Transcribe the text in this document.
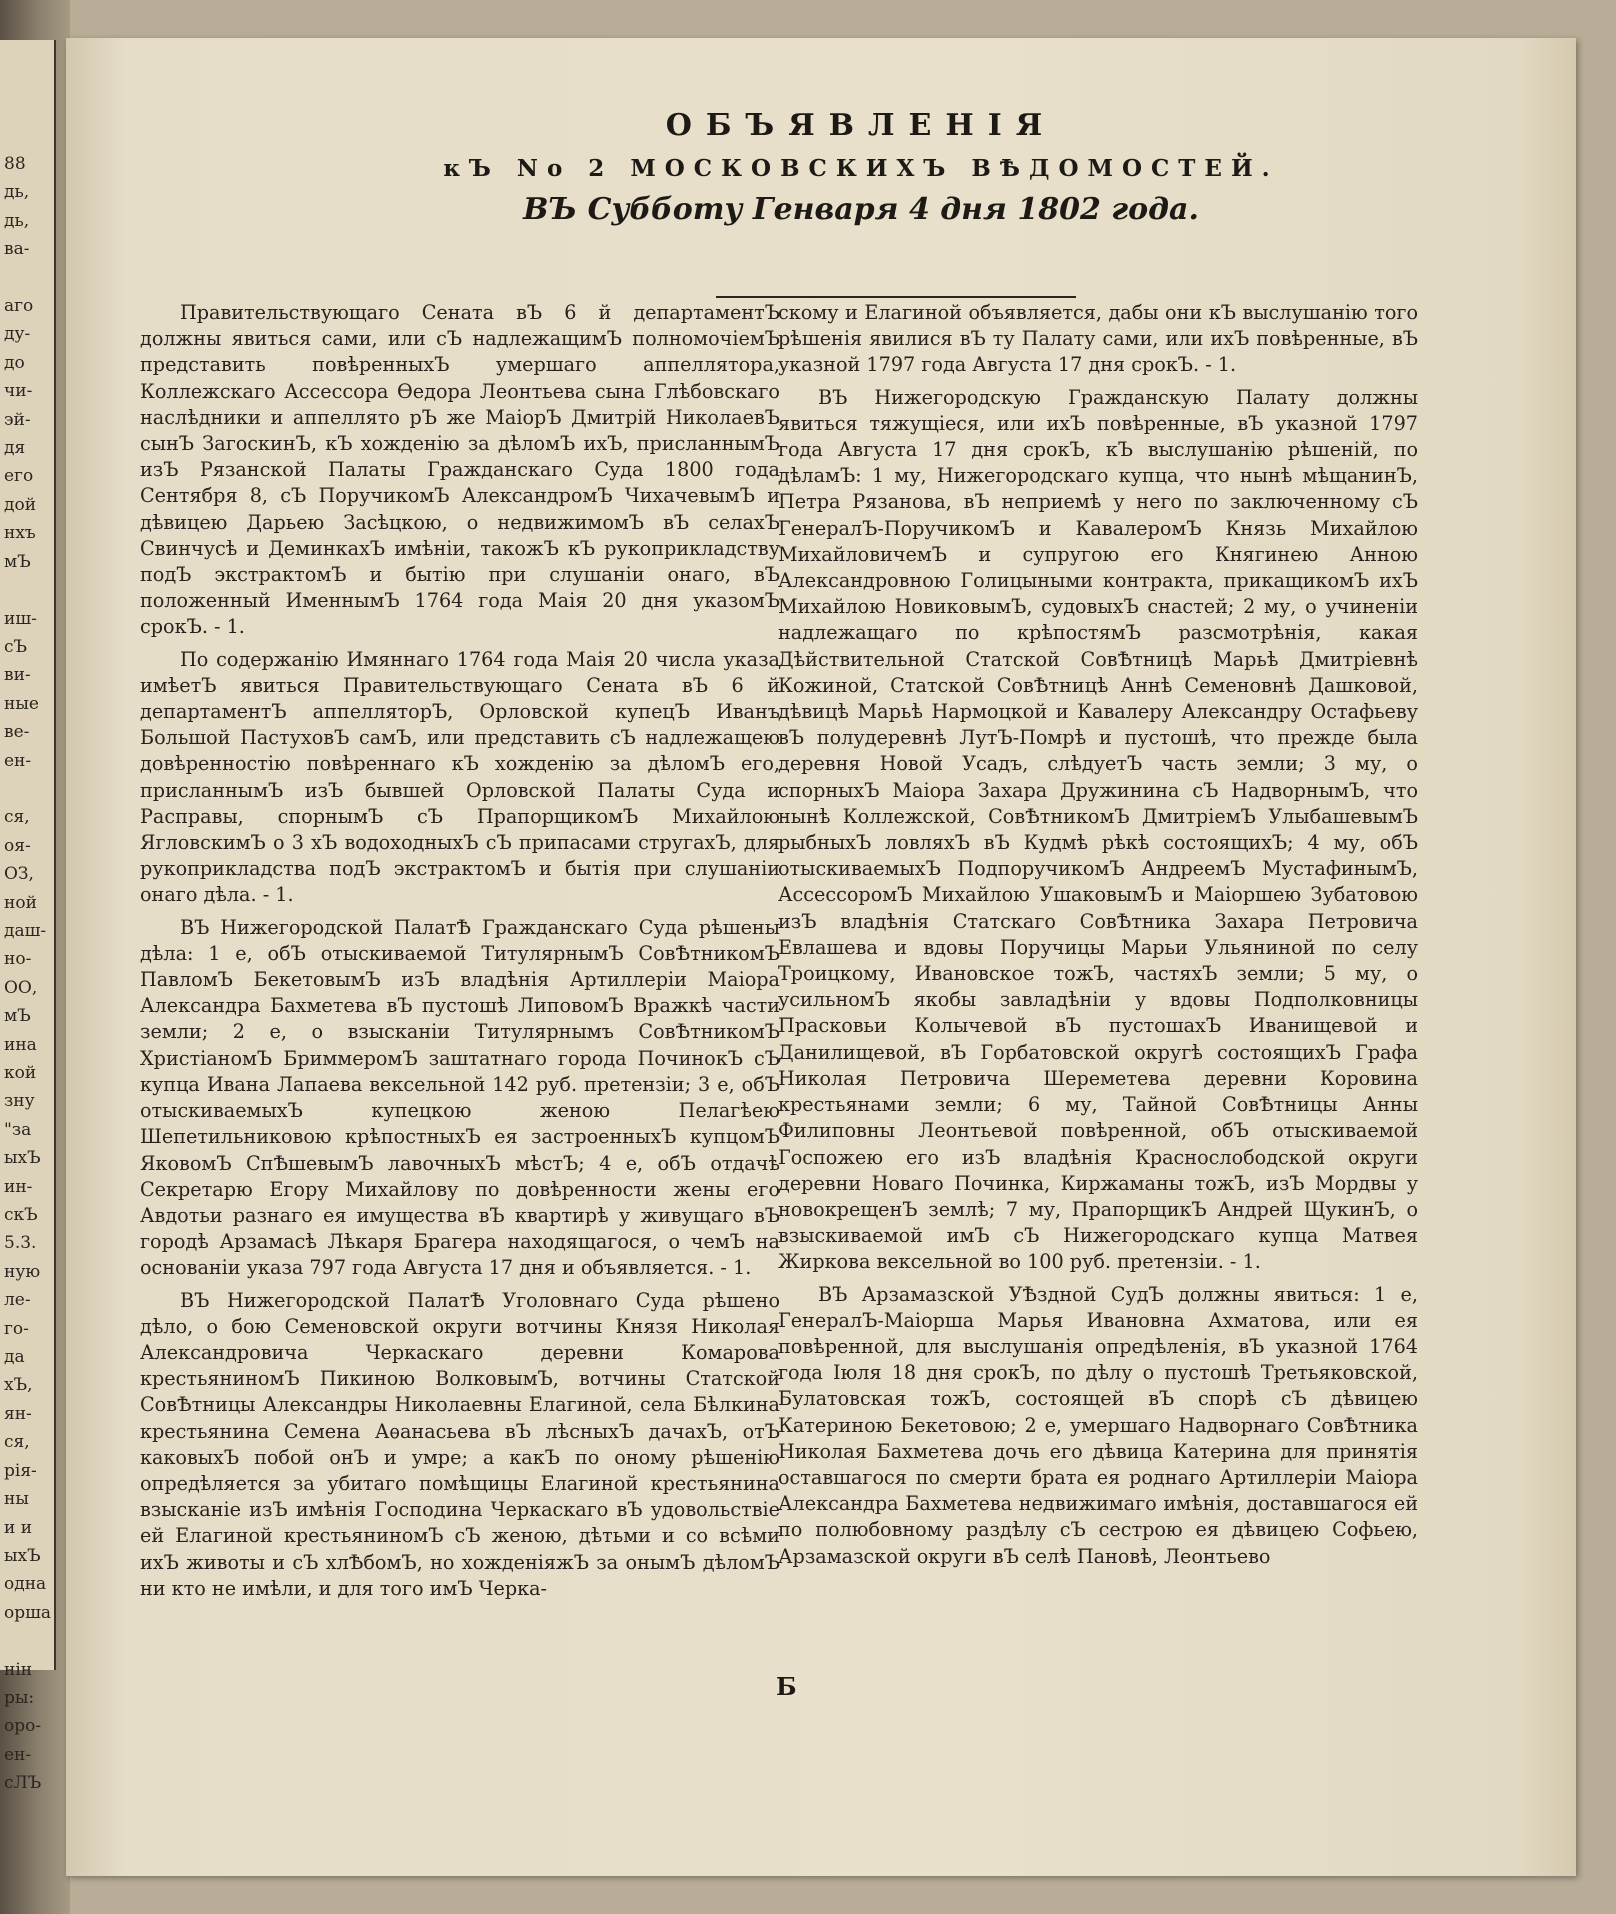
88
дь,
дь,
ва-

аго
ду-
до
чи-
эй-
дя
его
дой
нхъ
мЪ

иш-
сЪ
ви-
ные
ве-
ен-

ся,
оя-
ОЗ,
ной
даш-
но-
ОО,
мЪ
ина
кой
зну
"за
ыхЪ
ин-
скЪ
5.3.
ную
ле-
го-
да
хЪ,
ян-
ся,
рія-
ны
и и
ыхЪ
одна
орша

нін
ры:
оро-
ен-
сЛЪ
ОБЪЯВЛЕНІЯ
кЪ No 2 МОСКОВСКИХЪ ВѢДОМОСТЕЙ.
ВЪ Субботу Генваря 4 дня 1802 года.

Правительствующаго Сената вЪ 6 й департаментЪ должны явиться сами, или сЪ надлежащимЪ полномочіемЪ представить повѣренныхЪ умершаго аппеллятора, Коллежскаго Ассессора Ѳедора Леонтьева сына Глѣбовскаго наслѣдники и аппеллято рЪ же МаіорЪ Дмитрій НиколаевЪ сынЪ ЗагоскинЪ, кЪ хожденію за дѣломЪ ихЪ, присланнымЪ изЪ Рязанской Палаты Гражданскаго Суда 1800 года Сентября 8, сЪ ПоручикомЪ АлександромЪ ЧихачевымЪ и дѣвицею Дарьею Засѣцкою, о недвижимомЪ вЪ селахЪ Свинчусѣ и ДеминкахЪ имѣніи, такожЪ кЪ рукоприкладству подЪ экстрактомЪ и бытію при слушаніи онаго, вЪ положенный ИменнымЪ 1764 года Маія 20 дня указомЪ срокЪ. - 1.

По содержанію Имяннаго 1764 года Маія 20 числа указа имѣетЪ явиться Правительствующаго Сената вЪ 6 й департаментЪ аппелляторЪ, Орловской купецЪ Иванъ Большой ПастуховЪ самЪ, или представить сЪ надлежащею довѣренностію повѣреннаго кЪ хожденію за дѣломЪ его, присланнымЪ изЪ бывшей Орловской Палаты Суда и Расправы, спорнымЪ сЪ ПрапорщикомЪ Михайлою ЯгловскимЪ о 3 хЪ водоходныхЪ сЪ припасами стругахЪ, для рукоприкладства подЪ экстрактомЪ и бытія при слушаніи онаго дѣла. - 1.

ВЪ Нижегородской ПалатѢ Гражданскаго Суда рѣшены дѣла: 1 е, обЪ отыскиваемой ТитулярнымЪ СовѢтникомЪ ПавломЪ БекетовымЪ изЪ владѣнія Артиллеріи Маіора Александра Бахметева вЪ пустошѣ ЛиповомЪ Вражкѣ части земли; 2 е, о взысканіи Титулярнымъ СовѢтникомЪ ХристіаномЪ БриммеромЪ заштатнаго города ПочинокЪ сЪ купца Ивана Лапаева вексельной 142 руб. претензіи; 3 е, обЪ отыскиваемыхЪ купецкою женою Пелагѣею Шепетильниковою крѣпостныхЪ ея застроенныхЪ купцомЪ ЯковомЪ СпѢшевымЪ лавочныхЪ мѣстЪ; 4 е, обЪ отдачѣ Секретарю Егору Михайлову по довѣренности жены его Авдотьи разнаго ея имущества вЪ квартирѣ у живущаго вЪ городѣ Арзамасѣ Лѣкаря Брагера находящагося, о чемЪ на основаніи указа 797 года Августа 17 дня и объявляется. - 1.

ВЪ Нижегородской ПалатѢ Уголовнаго Суда рѣшено дѣло, о бою Семеновской округи вотчины Князя Николая Александровича Черкаскаго деревни Комарова крестьяниномЪ Пикиною ВолковымЪ, вотчины Статской СовѢтницы Александры Николаевны Елагиной, села Бѣлкина крестьянина Семена Аѳанасьева вЪ лѣсныхЪ дачахЪ, отЪ каковыхЪ побой онЪ и умре; а какЪ по оному рѣшенію опредѣляется за убитаго помѣщицы Елагиной крестьянина взысканіе изЪ имѣнія Господина Черкаскаго вЪ удовольствіе ей Елагиной крестьяниномЪ сЪ женою, дѣтьми и со всѣми ихЪ животы и сЪ хлѢбомЪ, но хожденіяжЪ за онымЪ дѣломЪ ни кто не имѣли, и для того имЪ Черка-

скому и Елагиной объявляется, дабы они кЪ выслушанію того рѣшенія явилися вЪ ту Палату сами, или ихЪ повѣренные, вЪ указной 1797 года Августа 17 дня срокЪ. - 1.

ВЪ Нижегородскую Гражданскую Палату должны явиться тяжущіеся, или ихЪ повѣренные, вЪ указной 1797 года Августа 17 дня срокЪ, кЪ выслушанію рѣшеній, по дѣламЪ: 1 му, Нижегородскаго купца, что нынѣ мѣщанинЪ, Петра Рязанова, вЪ неприемѣ у него по заключенному сЪ ГенералЪ-ПоручикомЪ и КавалеромЪ Князь Михайлою МихайловичемЪ и супругою его Княгинею Анною Александровною Голицыными контракта, прикащикомЪ ихЪ Михайлою НовиковымЪ, судовыхЪ снастей; 2 му, о учиненіи надлежащаго по крѣпостямЪ разсмотрѣнія, какая Дѣйствительной Статской СовѢтницѣ Марьѣ Дмитріевнѣ Кожиной, Статской СовѢтницѣ Аннѣ Семеновнѣ Дашковой, дѣвицѣ Марьѣ Нармоцкой и Кавалеру Александру Остафьеву вЪ полудеревнѣ ЛутЪ-Помрѣ и пустошѣ, что прежде была деревня Новой Усадъ, слѣдуетЪ часть земли; 3 му, о спорныхЪ Маіора Захара Дружинина сЪ НадворнымЪ, что нынѣ Коллежской, СовѢтникомЪ ДмитріемЪ УлыбашевымЪ рыбныхЪ ловляхЪ вЪ Кудмѣ рѣкѣ состоящихЪ; 4 му, обЪ отыскиваемыхЪ ПодпоручикомЪ АндреемЪ МустафинымЪ, АссессоромЪ Михайлою УшаковымЪ и Маіоршею Зубатовою изЪ владѣнія Статскаго СовѢтника Захара Петровича Евлашева и вдовы Поручицы Марьи Ульяниной по селу Троицкому, Ивановское тожЪ, частяхЪ земли; 5 му, о усильномЪ якобы завладѣніи у вдовы Подполковницы Прасковьи Колычевой вЪ пустошахЪ Иванищевой и Данилищевой, вЪ Горбатовской округѣ состоящихЪ Графа Николая Петровича Шереметева деревни Коровина крестьянами земли; 6 му, Тайной СовѢтницы Анны Филиповны Леонтьевой повѣренной, обЪ отыскиваемой Госпожею его изЪ владѣнія Краснослободской округи деревни Новаго Починка, Киржаманы тожЪ, изЪ Мордвы у новокрещенЪ землѣ; 7 му, ПрапорщикЪ Андрей ЩукинЪ, о взыскиваемой имЪ сЪ Нижегородскаго купца Матвея Жиркова вексельной во 100 руб. претензіи. - 1.

ВЪ Арзамазской УѢздной СудЪ должны явиться: 1 е, ГенералЪ-Маіорша Марья Ивановна Ахматова, или ея повѣренной, для выслушанія опредѣленія, вЪ указной 1764 года Іюля 18 дня срокЪ, по дѣлу о пустошѣ Третьяковской, Булатовская тожЪ, состоящей вЪ спорѣ сЪ дѣвицею Катериною Бекетовою; 2 е, умершаго Надворнаго СовѢтника Николая Бахметева дочь его дѣвица Катерина для принятія оставшагося по смерти брата ея роднаго Артиллеріи Маіора Александра Бахметева недвижимаго имѣнія, доставшагося ей по полюбовному раздѣлу сЪ сестрою ея дѣвицею Софьею, Арзамазской округи вЪ селѣ Пановѣ, Леонтьево

Б
